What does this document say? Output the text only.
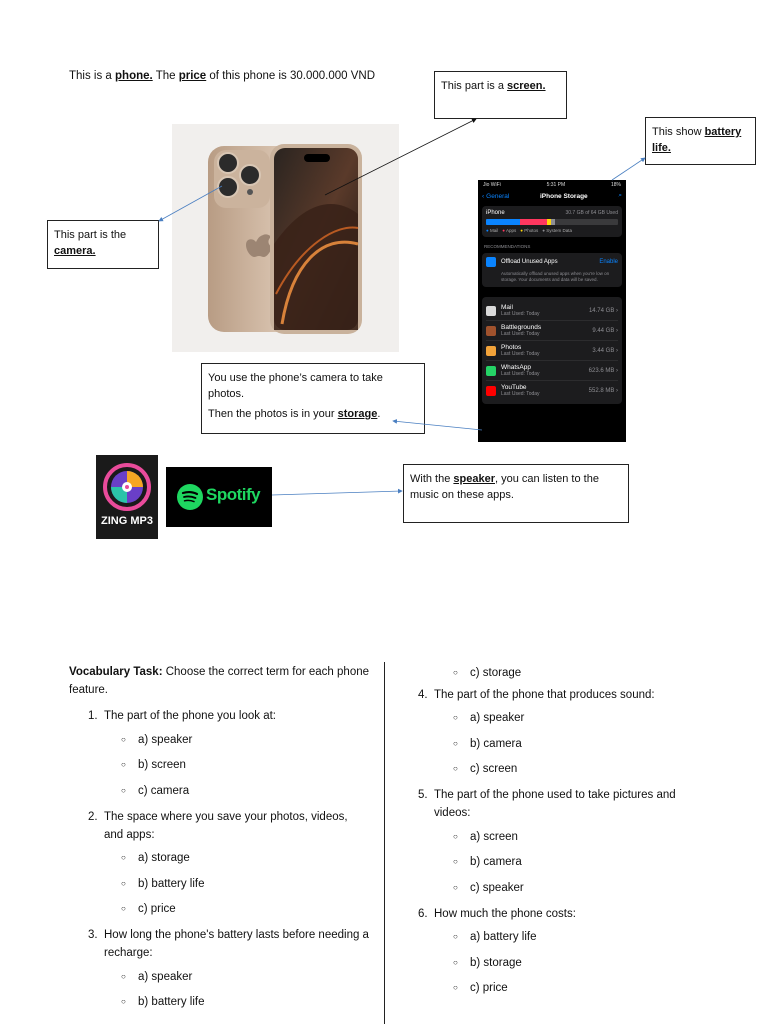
This is a phone. The price of this phone is 30.000.000 VND
Jio WiFi	5:31 PM	18%
‹ General	iPhone Storage	⌕
iPhone	30.7 GB of 64 GB Used
● Mail ● Apps ● Photos ● System Data
RECOMMENDATIONS
Offload Unused Apps	Enable
Automatically offload unused apps when you're low on storage. Your documents and data will be saved.
Mail
Last Used: Today
14.74 GB ›
Battlegrounds
Last Used: Today
9.44 GB ›
Photos
Last Used: Today
3.44 GB ›
WhatsApp
Last Used: Today
623.6 MB ›
YouTube
Last Used: Today
552.8 MB ›
This part is a screen.
This show battery life.
This part is the camera.
You use the phone’s camera to take photos.
Then the photos is in your storage.
With the speaker, you can listen to the music on these apps.
ZING MP3
Spotify
Vocabulary Task: Choose the correct term for each phone feature.
1. The part of the phone you look at:
○	a) speaker
○	b) screen
○	c) camera
2. The space where you save your photos, videos, and apps:
○	a) storage
○	b) battery life
○	c) price
3. How long the phone's battery lasts before needing a recharge:
○	a) speaker
○	b) battery life
○	c) storage
4. The part of the phone that produces sound:
○	a) speaker
○	b) camera
○	c) screen
5. The part of the phone used to take pictures and videos:
○	a) screen
○	b) camera
○	c) speaker
6. How much the phone costs:
○	a) battery life
○	b) storage
○	c) price
